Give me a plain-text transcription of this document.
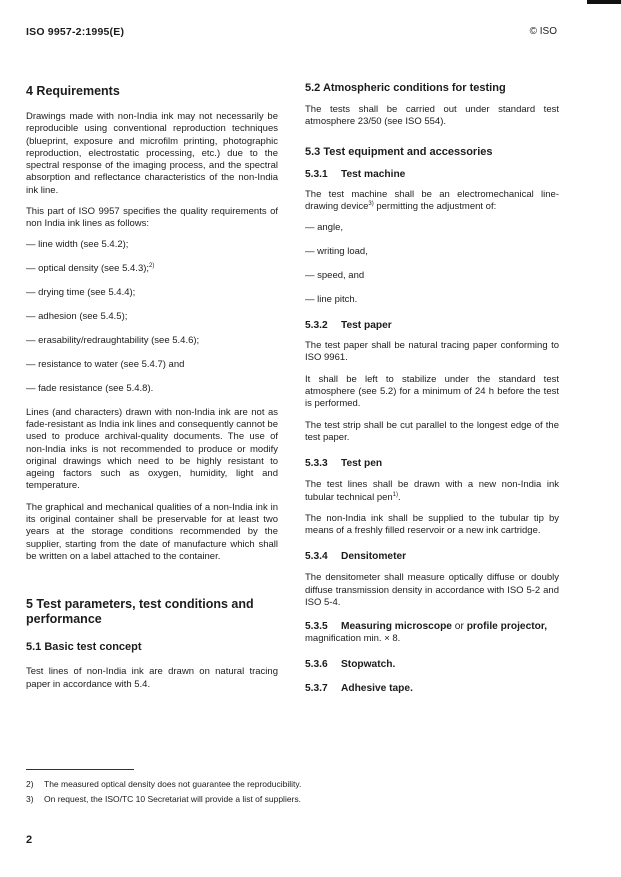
ISO 9957-2:1995(E)	© ISO
4 Requirements

Drawings made with non-India ink may not necessarily be reproducible using conventional reproduction techniques (blueprint, exposure and microfilm printing, photographic reproduction, electrostatic processing, etc.) due to the spectral response of the imaging process, and the spectral absorption and reflectance characteristics of the non-India ink line.

This part of ISO 9957 specifies the quality requirements of non India ink lines as follows:

— line width (see 5.4.2);

— optical density (see 5.4.3);$^{2)}$

— drying time (see 5.4.4);

— adhesion (see 5.4.5);

— erasability/redraughtability (see 5.4.6);

— resistance to water (see 5.4.7) and

— fade resistance (see 5.4.8).

Lines (and characters) drawn with non-India ink are not as fade-resistant as India ink lines and consequently cannot be used to produce archival-quality documents. The use of non-India inks is not recommended to produce or modify original drawings which need to be highly resistant to ageing factors such as oxygen, humidity, light and temperature.

The graphical and mechanical qualities of a non-India ink in its original container shall be preservable for at least two years at the storage conditions recommended by the supplier, starting from the date of manufacture which shall be written on a label attached to the container.

5 Test parameters, test conditions and performance
5.1 Basic test concept

Test lines of non-India ink are drawn on natural tracing paper in accordance with 5.4.

5.2 Atmospheric conditions for testing

The tests shall be carried out under standard test atmosphere 23/50 (see ISO 554).

5.3 Test equipment and accessories
5.3.1 Test machine

The test machine shall be an electromechanical line-drawing device$^{3)}$ permitting the adjustment of:

— angle,

— writing load,

— speed, and

— line pitch.

5.3.2 Test paper

The test paper shall be natural tracing paper conforming to ISO 9961.

It shall be left to stabilize under the standard test atmosphere (see 5.2) for a minimum of 24 h before the test is performed.

The test strip shall be cut parallel to the longest edge of the test paper.

5.3.3 Test pen

The test lines shall be drawn with a new non-India ink tubular technical pen$^{1)}$.

The non-India ink shall be supplied to the tubular tip by means of a freshly filled reservoir or a new ink cartridge.

5.3.4 Densitometer

The densitometer shall measure optically diffuse or doubly diffuse transmission density in accordance with ISO 5-2 and ISO 5-4.

5.3.5 Measuring microscope or profile projector,

magnification min. × 8.

5.3.6 Stopwatch.
5.3.7 Adhesive tape.
2) The measured optical density does not guarantee the reproducibility.
3) On request, the ISO/TC 10 Secretariat will provide a list of suppliers.
2
